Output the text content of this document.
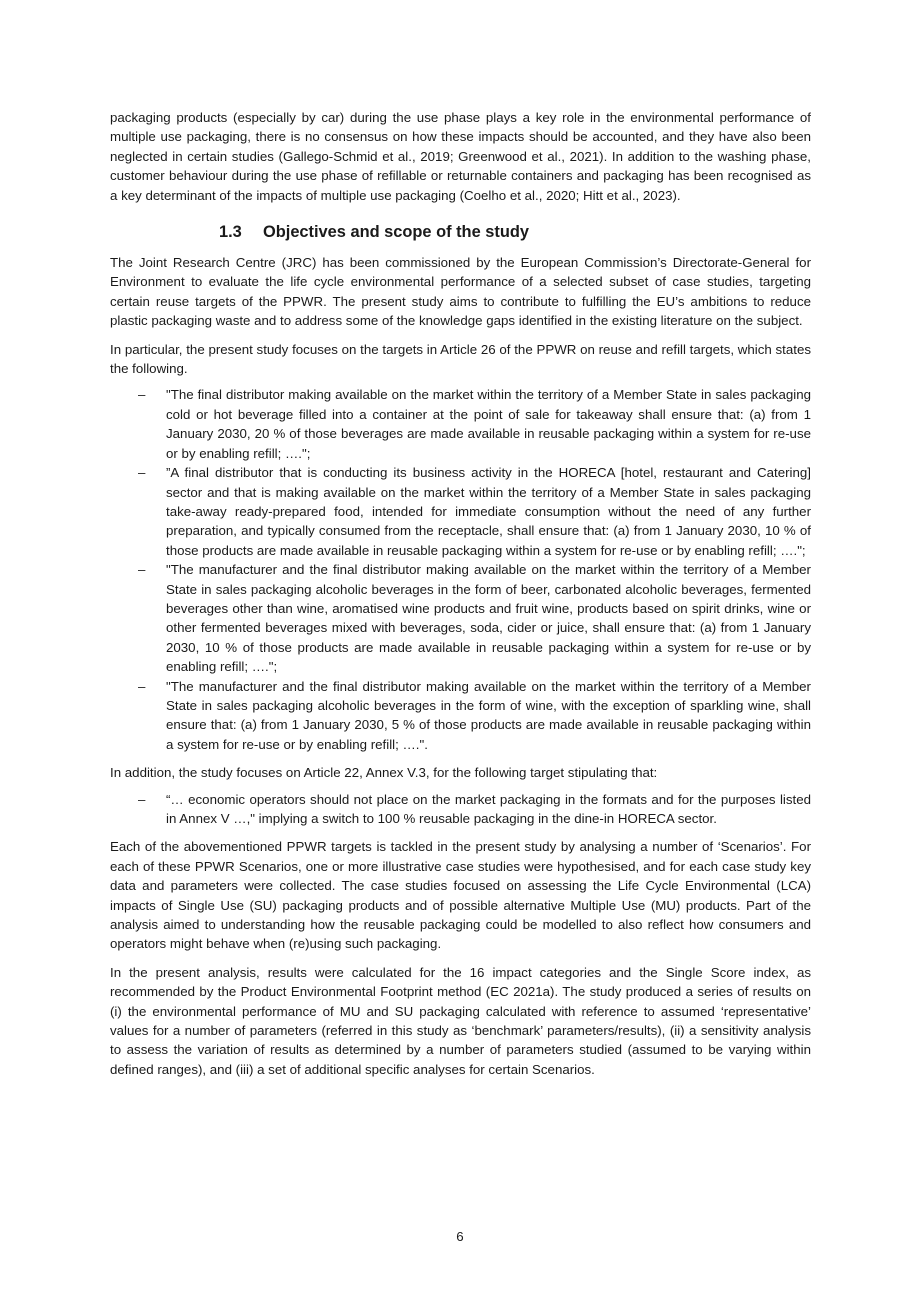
packaging products (especially by car) during the use phase plays a key role in the environmental performance of multiple use packaging, there is no consensus on how these impacts should be accounted, and they have also been neglected in certain studies (Gallego-Schmid et al., 2019; Greenwood et al., 2021). In addition to the washing phase, customer behaviour during the use phase of refillable or returnable containers and packaging has been recognised as a key determinant of the impacts of multiple use packaging (Coelho et al., 2020; Hitt et al., 2023).

1.3 Objectives and scope of the study

The Joint Research Centre (JRC) has been commissioned by the European Commission’s Directorate-General for Environment to evaluate the life cycle environmental performance of a selected subset of case studies, targeting certain reuse targets of the PPWR. The present study aims to contribute to fulfilling the EU’s ambitions to reduce plastic packaging waste and to address some of the knowledge gaps identified in the existing literature on the subject.

In particular, the present study focuses on the targets in Article 26 of the PPWR on reuse and refill targets, which states the following.

– "The final distributor making available on the market within the territory of a Member State in sales packaging cold or hot beverage filled into a container at the point of sale for takeaway shall ensure that: (a) from 1 January 2030, 20 % of those beverages are made available in reusable packaging within a system for re-use or by enabling refill; ….";
– ”A final distributor that is conducting its business activity in the HORECA [hotel, restaurant and Catering] sector and that is making available on the market within the territory of a Member State in sales packaging take-away ready-prepared food, intended for immediate consumption without the need of any further preparation, and typically consumed from the receptacle, shall ensure that: (a) from 1 January 2030, 10 % of those products are made available in reusable packaging within a system for re-use or by enabling refill; ….";
– "The manufacturer and the final distributor making available on the market within the territory of a Member State in sales packaging alcoholic beverages in the form of beer, carbonated alcoholic beverages, fermented beverages other than wine, aromatised wine products and fruit wine, products based on spirit drinks, wine or other fermented beverages mixed with beverages, soda, cider or juice, shall ensure that: (a) from 1 January 2030, 10 % of those products are made available in reusable packaging within a system for re-use or by enabling refill; ….";
– "The manufacturer and the final distributor making available on the market within the territory of a Member State in sales packaging alcoholic beverages in the form of wine, with the exception of sparkling wine, shall ensure that: (a) from 1 January 2030, 5 % of those products are made available in reusable packaging within a system for re-use or by enabling refill; ….".

In addition, the study focuses on Article 22, Annex V.3, for the following target stipulating that:

– “… economic operators should not place on the market packaging in the formats and for the purposes listed in Annex V …," implying a switch to 100 % reusable packaging in the dine-in HORECA sector.

Each of the abovementioned PPWR targets is tackled in the present study by analysing a number of ‘Scenarios’. For each of these PPWR Scenarios, one or more illustrative case studies were hypothesised, and for each case study key data and parameters were collected. The case studies focused on assessing the Life Cycle Environmental (LCA) impacts of Single Use (SU) packaging products and of possible alternative Multiple Use (MU) products. Part of the analysis aimed to understanding how the reusable packaging could be modelled to also reflect how consumers and operators might behave when (re)using such packaging.

In the present analysis, results were calculated for the 16 impact categories and the Single Score index, as recommended by the Product Environmental Footprint method (EC 2021a). The study produced a series of results on (i) the environmental performance of MU and SU packaging calculated with reference to assumed ‘representative’ values for a number of parameters (referred in this study as ‘benchmark’ parameters/results), (ii) a sensitivity analysis to assess the variation of results as determined by a number of parameters studied (assumed to be varying within defined ranges), and (iii) a set of additional specific analyses for certain Scenarios.

6
